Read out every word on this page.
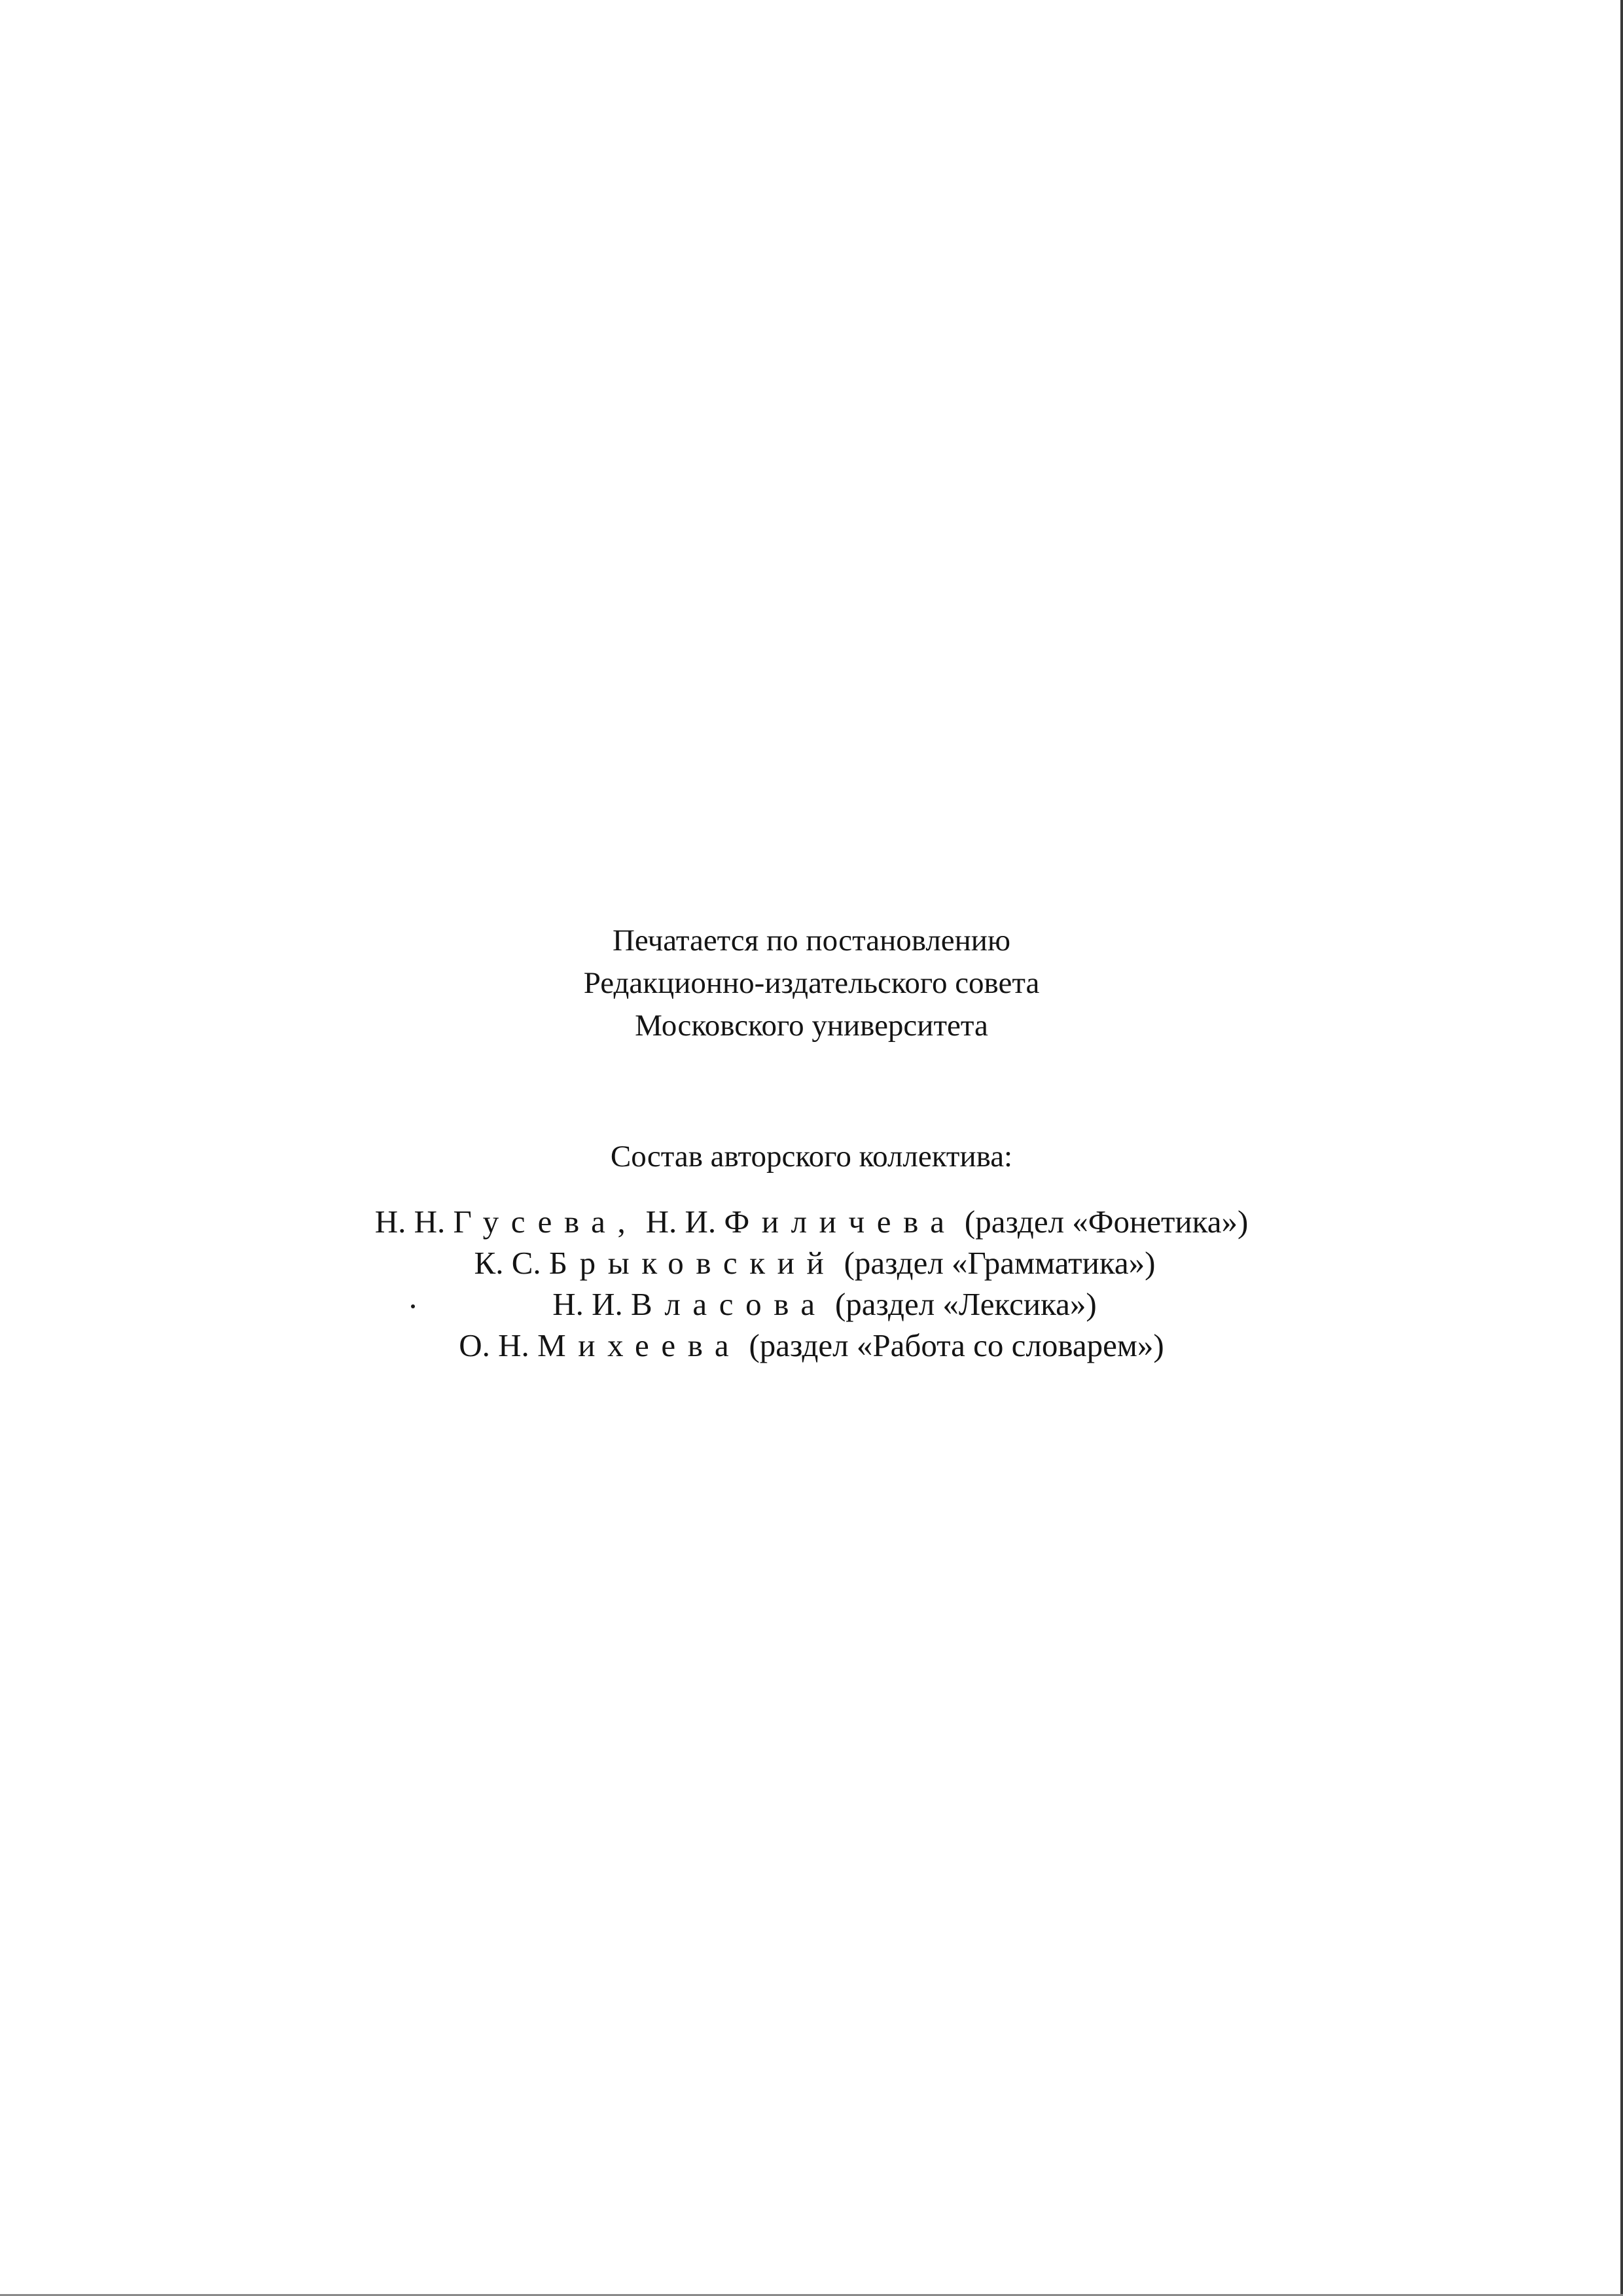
Печатается по постановлению
Редакционно-издательского совета
Московского университета
Состав авторского коллектива:
Н. Н. Гусева, Н. И. Филичева (раздел «Фонетика»)
К. С. Брыковский (раздел «Грамматика»)
Н. И. Власова (раздел «Лексика»)
О. Н. Михеева (раздел «Работа со словарем»)
